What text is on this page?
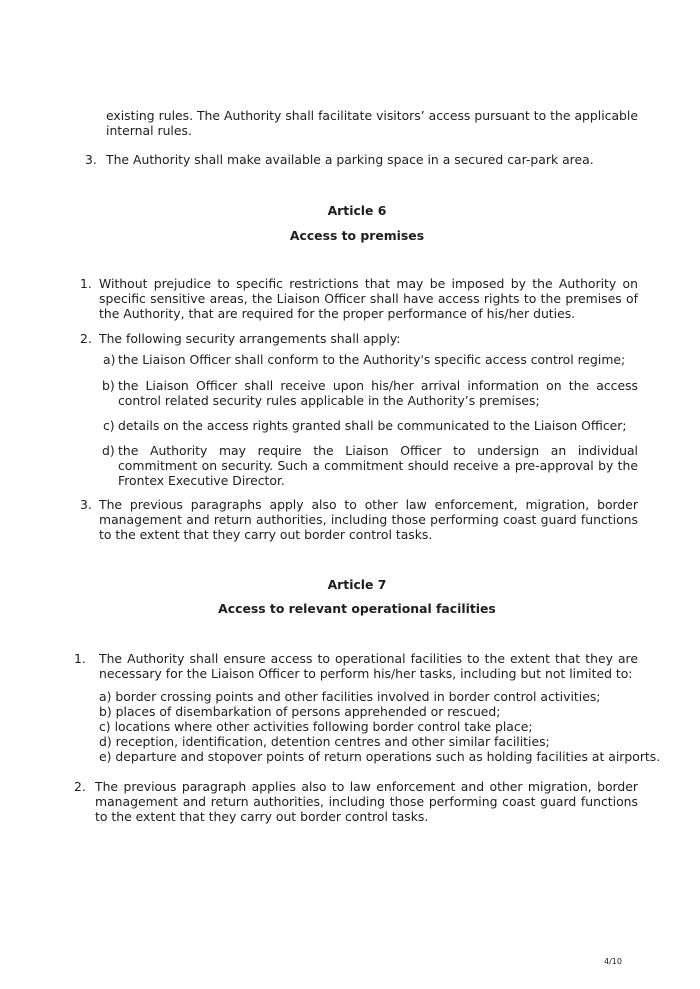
existing rules. The Authority shall facilitate visitors’ access pursuant to the applicable internal rules.
3. The Authority shall make available a parking space in a secured car-park area.
Article 6
Access to premises
1. Without prejudice to specific restrictions that may be imposed by the Authority on specific sensitive areas, the Liaison Officer shall have access rights to the premises of the Authority, that are required for the proper performance of his/her duties.
2. The following security arrangements shall apply:
a) the Liaison Officer shall conform to the Authority's specific access control regime;
b) the Liaison Officer shall receive upon his/her arrival information on the access control related security rules applicable in the Authority’s premises;
c) details on the access rights granted shall be communicated to the Liaison Officer;
d) the Authority may require the Liaison Officer to undersign an individual commitment on security. Such a commitment should receive a pre-approval by the Frontex Executive Director.
3. The previous paragraphs apply also to other law enforcement, migration, border management and return authorities, including those performing coast guard functions to the extent that they carry out border control tasks.
Article 7
Access to relevant operational facilities
1. The Authority shall ensure access to operational facilities to the extent that they are necessary for the Liaison Officer to perform his/her tasks, including but not limited to:
a) border crossing points and other facilities involved in border control activities;
b) places of disembarkation of persons apprehended or rescued;
c) locations where other activities following border control take place;
d) reception, identification, detention centres and other similar facilities;
e) departure and stopover points of return operations such as holding facilities at airports.
2. The previous paragraph applies also to law enforcement and other migration, border management and return authorities, including those performing coast guard functions to the extent that they carry out border control tasks.
4/10
